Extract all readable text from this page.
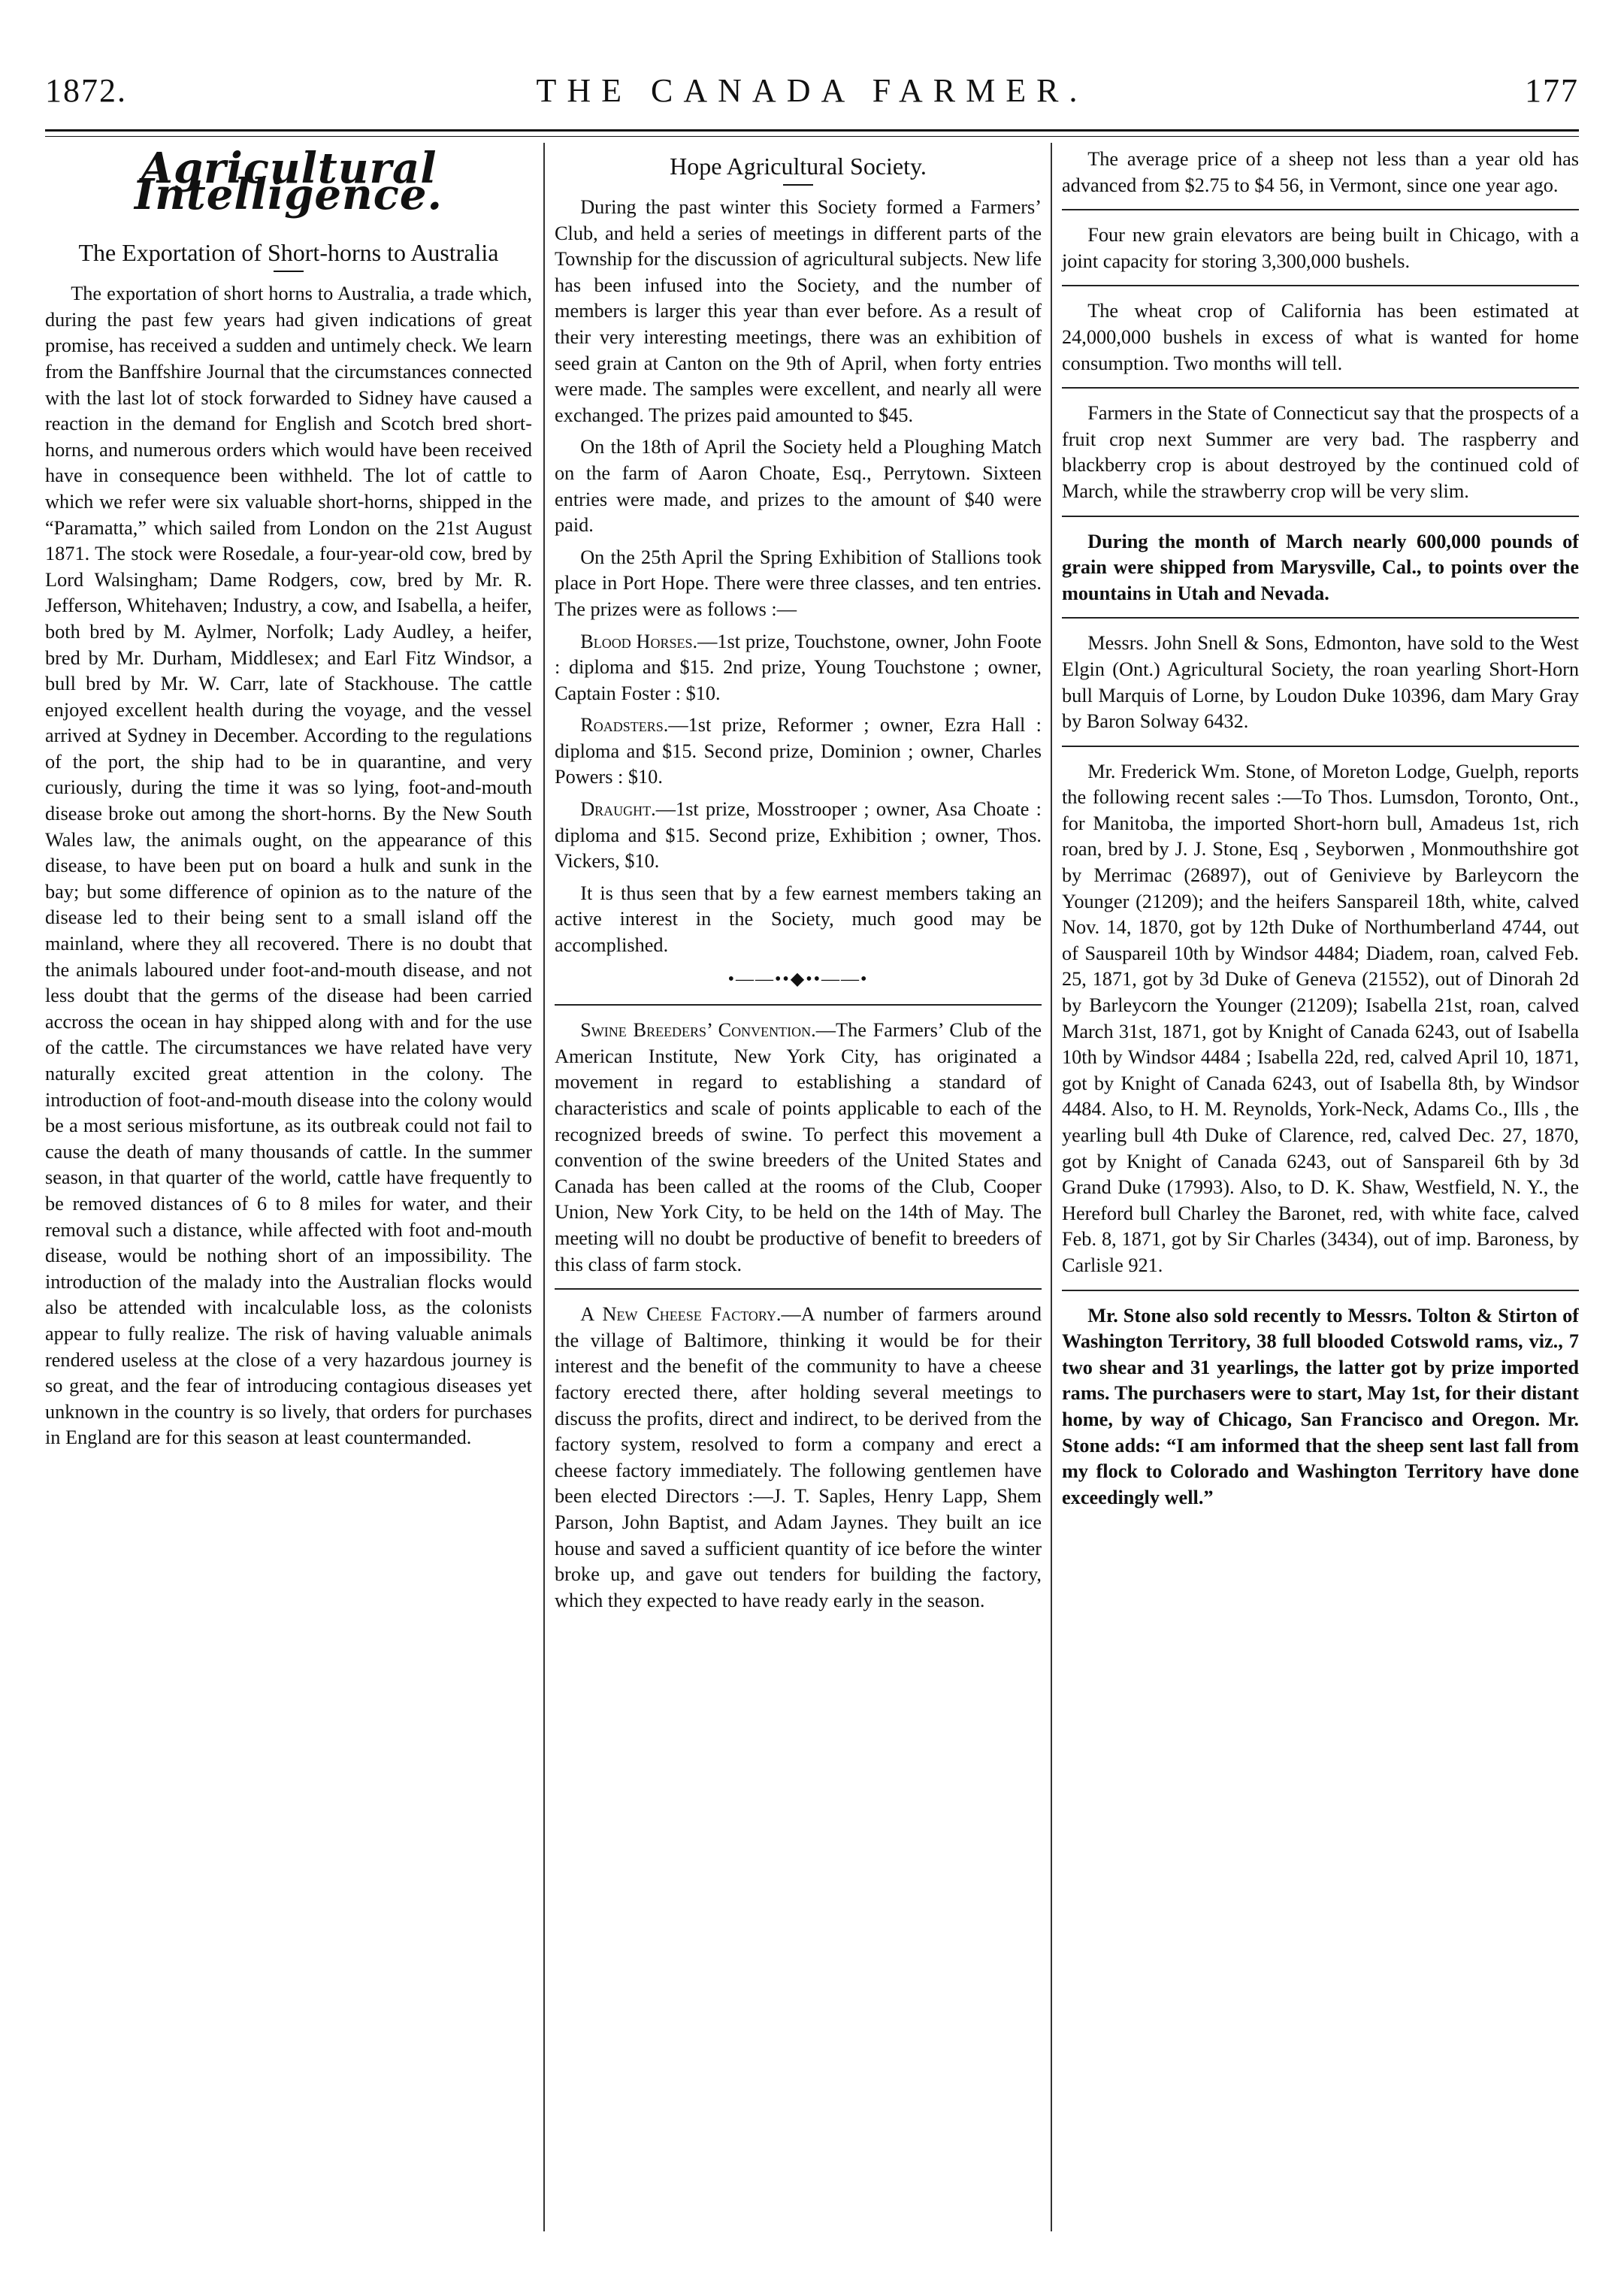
1872.	THE CANADA FARMER.	177
Agricultural Intelligence.
The Exportation of Short-horns to Australia

The exportation of short horns to Australia, a trade which, during the past few years had given indications of great promise, has received a sudden and untimely check. We learn from the Banffshire Journal that the circumstances connected with the last lot of stock forwarded to Sidney have caused a reaction in the demand for English and Scotch bred short-horns, and numerous orders which would have been received have in consequence been withheld. The lot of cattle to which we refer were six valuable short-horns, shipped in the “Paramatta,” which sailed from London on the 21st August 1871. The stock were Rosedale, a four-year-old cow, bred by Lord Walsingham; Dame Rodgers, cow, bred by Mr. R. Jefferson, Whitehaven; Industry, a cow, and Isabella, a heifer, both bred by M. Aylmer, Norfolk; Lady Audley, a heifer, bred by Mr. Durham, Middlesex; and Earl Fitz Windsor, a bull bred by Mr. W. Carr, late of Stackhouse. The cattle enjoyed excellent health during the voyage, and the vessel arrived at Sydney in December. According to the regulations of the port, the ship had to be in quarantine, and very curiously, during the time it was so lying, foot-and-mouth disease broke out among the short-horns. By the New South Wales law, the animals ought, on the appearance of this disease, to have been put on board a hulk and sunk in the bay; but some difference of opinion as to the nature of the disease led to their being sent to a small island off the mainland, where they all recovered. There is no doubt that the animals laboured under foot-and-mouth disease, and not less doubt that the germs of the disease had been carried accross the ocean in hay shipped along with and for the use of the cattle. The circumstances we have related have very naturally excited great attention in the colony. The introduction of foot-and-mouth disease into the colony would be a most serious misfortune, as its outbreak could not fail to cause the death of many thousands of cattle. In the summer season, in that quarter of the world, cattle have frequently to be removed distances of 6 to 8 miles for water, and their removal such a distance, while affected with foot and-mouth disease, would be nothing short of an impossibility. The introduction of the malady into the Australian flocks would also be attended with incalculable loss, as the colonists appear to fully realize. The risk of having valuable animals rendered useless at the close of a very hazardous journey is so great, and the fear of introducing contagious diseases yet unknown in the country is so lively, that orders for purchases in England are for this season at least countermanded.

Hope Agricultural Society.

During the past winter this Society formed a Farmers’ Club, and held a series of meetings in different parts of the Township for the discussion of agricultural subjects. New life has been infused into the Society, and the number of members is larger this year than ever before. As a result of their very interesting meetings, there was an exhibition of seed grain at Canton on the 9th of April, when forty entries were made. The samples were excellent, and nearly all were exchanged. The prizes paid amounted to $45.

On the 18th of April the Society held a Ploughing Match on the farm of Aaron Choate, Esq., Perrytown. Sixteen entries were made, and prizes to the amount of $40 were paid.

On the 25th April the Spring Exhibition of Stallions took place in Port Hope. There were three classes, and ten entries. The prizes were as follows :—

Blood Horses.—1st prize, Touchstone, owner, John Foote : diploma and $15. 2nd prize, Young Touchstone ; owner, Captain Foster : $10.

Roadsters.—1st prize, Reformer ; owner, Ezra Hall : diploma and $15. Second prize, Dominion ; owner, Charles Powers : $10.

Draught.—1st prize, Mosstrooper ; owner, Asa Choate : diploma and $15. Second prize, Exhibition ; owner, Thos. Vickers, $10.

It is thus seen that by a few earnest members taking an active interest in the Society, much good may be accomplished.

•——••◆••——•

Swine Breeders’ Convention.—The Farmers’ Club of the American Institute, New York City, has originated a movement in regard to establishing a standard of characteristics and scale of points applicable to each of the recognized breeds of swine. To perfect this movement a convention of the swine breeders of the United States and Canada has been called at the rooms of the Club, Cooper Union, New York City, to be held on the 14th of May. The meeting will no doubt be productive of benefit to breeders of this class of farm stock.

A New Cheese Factory.—A number of farmers around the village of Baltimore, thinking it would be for their interest and the benefit of the community to have a cheese factory erected there, after holding several meetings to discuss the profits, direct and indirect, to be derived from the factory system, resolved to form a company and erect a cheese factory immediately. The following gentlemen have been elected Directors :—J. T. Saples, Henry Lapp, Shem Parson, John Baptist, and Adam Jaynes. They built an ice house and saved a sufficient quantity of ice before the winter broke up, and gave out tenders for building the factory, which they expected to have ready early in the season.

The average price of a sheep not less than a year old has advanced from $2.75 to $4 56, in Vermont, since one year ago.

Four new grain elevators are being built in Chicago, with a joint capacity for storing 3,300,000 bushels.

The wheat crop of California has been estimated at 24,000,000 bushels in excess of what is wanted for home consumption. Two months will tell.

Farmers in the State of Connecticut say that the prospects of a fruit crop next Summer are very bad. The raspberry and blackberry crop is about destroyed by the continued cold of March, while the strawberry crop will be very slim.

During the month of March nearly 600,000 pounds of grain were shipped from Marysville, Cal., to points over the mountains in Utah and Nevada.

Messrs. John Snell & Sons, Edmonton, have sold to the West Elgin (Ont.) Agricultural Society, the roan yearling Short-Horn bull Marquis of Lorne, by Loudon Duke 10396, dam Mary Gray by Baron Solway 6432.

Mr. Frederick Wm. Stone, of Moreton Lodge, Guelph, reports the following recent sales :—To Thos. Lumsdon, Toronto, Ont., for Manitoba, the imported Short-horn bull, Amadeus 1st, rich roan, bred by J. J. Stone, Esq , Seyborwen , Monmouthshire got by Merrimac (26897), out of Genivieve by Barleycorn the Younger (21209); and the heifers Sanspareil 18th, white, calved Nov. 14, 1870, got by 12th Duke of Northumberland 4744, out of Sauspareil 10th by Windsor 4484; Diadem, roan, calved Feb. 25, 1871, got by 3d Duke of Geneva (21552), out of Dinorah 2d by Barleycorn the Younger (21209); Isabella 21st, roan, calved March 31st, 1871, got by Knight of Canada 6243, out of Isabella 10th by Windsor 4484 ; Isabella 22d, red, calved April 10, 1871, got by Knight of Canada 6243, out of Isabella 8th, by Windsor 4484. Also, to H. M. Reynolds, York-Neck, Adams Co., Ills , the yearling bull 4th Duke of Clarence, red, calved Dec. 27, 1870, got by Knight of Canada 6243, out of Sanspareil 6th by 3d Grand Duke (17993). Also, to D. K. Shaw, Westfield, N. Y., the Hereford bull Charley the Baronet, red, with white face, calved Feb. 8, 1871, got by Sir Charles (3434), out of imp. Baroness, by Carlisle 921.

Mr. Stone also sold recently to Messrs. Tolton & Stirton of Washington Territory, 38 full blooded Cotswold rams, viz., 7 two shear and 31 yearlings, the latter got by prize imported rams. The purchasers were to start, May 1st, for their distant home, by way of Chicago, San Francisco and Oregon. Mr. Stone adds: “I am informed that the sheep sent last fall from my flock to Colorado and Washington Territory have done exceedingly well.”
